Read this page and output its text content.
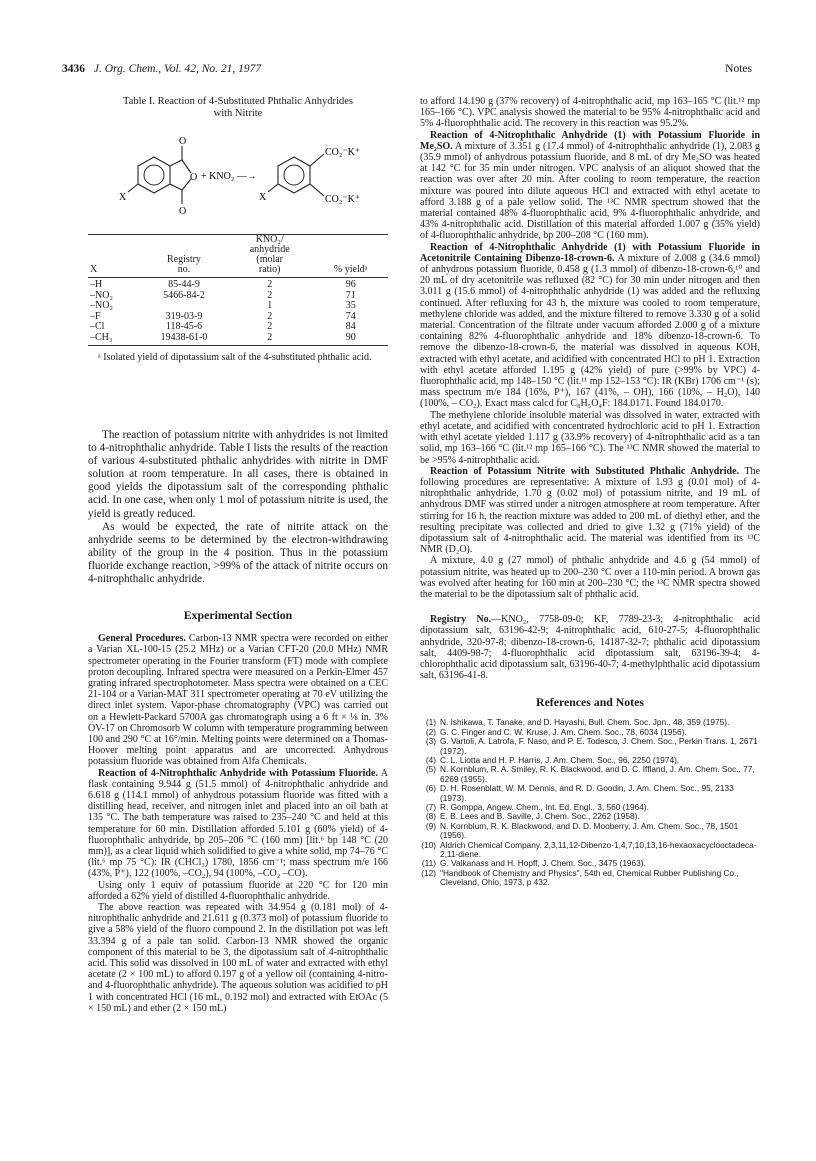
3436 J. Org. Chem., Vol. 42, No. 21, 1977	Notes
Table I. Reaction of 4-Substituted Phthalic Anhydrides
with Nitrite
O
O
O
X
+ KNO₂ —→
CO₂⁻K⁺
CO₂⁻K⁺
X
		KNO₂/	
		anhydride	
	Registry	(molar	
X	no.	ratio)	% yieldᵃ
–H	85-44-9	2	96
–NO₂	5466-84-2	2	71
–NO₂		1	35
–F	319-03-9	2	74
–Cl	118-45-6	2	84
–CH₃	19438-61-0	2	90
ᵃ Isolated yield of dipotassium salt of the 4-substituted phthalic acid.

The reaction of potassium nitrite with anhydrides is not limited to 4-nitrophthalic anhydride. Table I lists the results of the reaction of various 4-substituted phthalic anhydrides with nitrite in DMF solution at room temperature. In all cases, there is obtained in good yields the dipotassium salt of the corresponding phthalic acid. In one case, when only 1 mol of potassium nitrite is used, the yield is greatly reduced.

As would be expected, the rate of nitrite attack on the anhydride seems to be determined by the electron-withdrawing ability of the group in the 4 position. Thus in the potassium fluoride exchange reaction, >99% of the attack of nitrite occurs on 4-nitrophthalic anhydride.

Experimental Section

General Procedures. Carbon-13 NMR spectra were recorded on either a Varian XL-100-15 (25.2 MHz) or a Varian CFT-20 (20.0 MHz) NMR spectrometer operating in the Fourier transform (FT) mode with complete proton decoupling. Infrared spectra were measured on a Perkin-Elmer 457 grating infrared spectrophotometer. Mass spectra were obtained on a CEC 21-104 or a Varian-MAT 311 spectrometer operating at 70 eV utilizing the direct inlet system. Vapor-phase chromatography (VPC) was carried out on a Hewlett-Packard 5700A gas chromatograph using a 6 ft × ⅛ in. 3% OV-17 on Chromosorb W column with temperature programming between 100 and 290 °C at 16°/min. Melting points were determined on a Thomas-Hoover melting point apparatus and are uncorrected. Anhydrous potassium fluoride was obtained from Alfa Chemicals.

Reaction of 4-Nitrophthalic Anhydride with Potassium Fluoride. A flask containing 9.944 g (51.5 mmol) of 4-nitrophthalic anhydride and 6.618 g (114.1 mmol) of anhydrous potassium fluoride was fitted with a distilling head, receiver, and nitrogen inlet and placed into an oil bath at 135 °C. The bath temperature was raised to 235–240 °C and held at this temperature for 60 min. Distillation afforded 5.101 g (60% yield) of 4-fluorophthalic anhydride, bp 205–206 °C (160 mm) [lit.⁶ bp 148 °C (20 mm)], as a clear liquid which solidified to give a white solid, mp 74–76 °C (lit.⁶ mp 75 °C): IR (CHCl₃) 1780, 1856 cm⁻¹; mass spectrum m/e 166 (43%, P⁺), 122 (100%, –CO₂), 94 (100%, –CO₂ –CO).

Using only 1 equiv of potassium fluoride at 220 °C for 120 min afforded a 62% yield of distilled 4-fluorophthalic anhydride.

The above reaction was repeated with 34.954 g (0.181 mol) of 4-nitrophthalic anhydride and 21.611 g (0.373 mol) of potassium fluoride to give a 58% yield of the fluoro compound 2. In the distillation pot was left 33.394 g of a pale tan solid. Carbon-13 NMR showed the organic component of this material to be 3, the dipotassium salt of 4-nitrophthalic acid. This solid was dissolved in 100 mL of water and extracted with ethyl acetate (2 × 100 mL) to afford 0.197 g of a yellow oil (containing 4-nitro- and 4-fluorophthalic anhydride). The aqueous solution was acidified to pH 1 with concentrated HCl (16 mL, 0.192 mol) and extracted with EtOAc (5 × 150 mL) and ether (2 × 150 mL)

to afford 14.190 g (37% recovery) of 4-nitrophthalic acid, mp 163–165 °C (lit.¹² mp 165–166 °C). VPC analysis showed the material to be 95% 4-nitrophthalic acid and 5% 4-fluorophthalic acid. The recovery in this reaction was 95.2%.

Reaction of 4-Nitrophthalic Anhydride (1) with Potassium Fluoride in Me₂SO. A mixture of 3.351 g (17.4 mmol) of 4-nitrophthalic anhydride (1), 2.083 g (35.9 mmol) of anhydrous potassium fluoride, and 8 mL of dry Me₂SO was heated at 142 °C for 35 min under nitrogen. VPC analysis of an aliquot showed that the reaction was over after 20 min. After cooling to room temperature, the reaction mixture was poured into dilute aqueous HCl and extracted with ethyl acetate to afford 3.188 g of a pale yellow solid. The ¹³C NMR spectrum showed that the material contained 48% 4-fluorophthalic acid, 9% 4-fluorophthalic anhydride, and 43% 4-nitrophthalic acid. Distillation of this material afforded 1.007 g (35% yield) of 4-fluorophthalic anhydride, bp 200–208 °C (160 mm).

Reaction of 4-Nitrophthalic Anhydride (1) with Potassium Fluoride in Acetonitrile Containing Dibenzo-18-crown-6. A mixture of 2.008 g (34.6 mmol) of anhydrous potassium fluoride, 0.458 g (1.3 mmol) of dibenzo-18-crown-6,¹⁰ and 20 mL of dry acetonitrile was refluxed (82 °C) for 30 min under nitrogen and then 3.011 g (15.6 mmol) of 4-nitrophthalic anhydride (1) was added and the refluxing continued. After refluxing for 43 h, the mixture was cooled to room temperature, methylene chloride was added, and the mixture filtered to remove 3.330 g of a solid material. Concentration of the filtrate under vacuum afforded 2.000 g of a mixture containing 82% 4-fluorophthalic anhydride and 18% dibenzo-18-crown-6. To remove the dibenzo-18-crown-6, the material was dissolved in aqueous KOH, extracted with ethyl acetate, and acidified with concentrated HCl to pH 1. Extraction with ethyl acetate afforded 1.195 g (42% yield) of pure (>99% by VPC) 4-fluorophthalic acid, mp 148–150 °C (lit.¹¹ mp 152–153 °C): IR (KBr) 1706 cm⁻¹ (s); mass spectrum m/e 184 (16%, P⁺), 167 (41%, – OH), 166 (10%, – H₂O), 140 (100%, – CO₂). Exact mass calcd for C₈H₅O₄F: 184.0171. Found 184.0170.

The methylene chloride insoluble material was dissolved in water, extracted with ethyl acetate, and acidified with concentrated hydrochloric acid to pH 1. Extraction with ethyl acetate yielded 1.117 g (33.9% recovery) of 4-nitrophthalic acid as a tan solid, mp 163–166 °C (lit.¹² mp 165–166 °C). The ¹³C NMR showed the material to be >95% 4-nitrophthalic acid.

Reaction of Potassium Nitrite with Substituted Phthalic Anhydride. The following procedures are representative: A mixture of 1.93 g (0.01 mol) of 4-nitrophthalic anhydride, 1.70 g (0.02 mol) of potassium nitrite, and 19 mL of anhydrous DMF was stirred under a nitrogen atmosphere at room temperature. After stirring for 16 h, the reaction mixture was added to 200 mL of diethyl ether, and the resulting precipitate was collected and dried to give 1.32 g (71% yield) of the dipotassium salt of 4-nitrophthalic acid. The material was identified from its ¹³C NMR (D₂O).

A mixture, 4.0 g (27 mmol) of phthalic anhydride and 4.6 g (54 mmol) of potassium nitrite, was heated up to 200–230 °C over a 110-min period. A brown gas was evolved after heating for 160 min at 200–230 °C; the ¹³C NMR spectra showed the material to be the dipotassium salt of phthalic acid.

Registry No.—KNO₂, 7758-09-0; KF, 7789-23-3; 4-nitrophthalic acid dipotassium salt, 63196-42-9; 4-nitrophthalic acid, 610-27-5; 4-fluorophthalic anhydride, 320-97-8; dibenzo-18-crown-6, 14187-32-7; phthalic acid dipotassium salt, 4409-98-7; 4-fluorophthalic acid dipotassium salt, 63196-39-4; 4-chlorophthalic acid dipotassium salt, 63196-40-7; 4-methylphthalic acid dipotassium salt, 63196-41-8.

References and Notes
(1) N. Ishikawa, T. Tanake, and D. Hayashi, Bull. Chem. Soc. Jpn., 48, 359 (1975).
(2) G. C. Finger and C. W. Kruse, J. Am. Chem. Soc., 78, 6034 (1956).
(3) G. Vartoli, A. Latrofa, F. Naso, and P. E. Todesco, J. Chem. Soc., Perkin Trans. 1, 2671 (1972).
(4) C. L. Liotta and H. P. Harris, J. Am. Chem. Soc., 96, 2250 (1974).
(5) N. Kornblum, R. A. Smiley, R. K. Blackwood, and D. C. Iffland, J. Am. Chem. Soc., 77, 6269 (1955).
(6) D. H. Rosenblatt, W. M. Dennis, and R. D. Goodin, J. Am. Chem. Soc., 95, 2133 (1973).
(7) R. Gomppa, Angew. Chem., Int. Ed. Engl., 3, 560 (1964).
(8) E. B. Lees and B. Saville, J. Chem. Soc., 2262 (1958).
(9) N. Kornblum, R. K. Blackwood, and D. D. Mooberry, J. Am. Chem. Soc., 78, 1501 (1956).
(10) Aldrich Chemical Company. 2,3,11,12-Dibenzo-1,4,7,10,13,16-hexaoxacyclooctadeca-2,11-diene.
(11) G. Valkanass and H. Hopff, J. Chem. Soc., 3475 (1963).
(12) "Handbook of Chemistry and Physics", 54th ed, Chemical Rubber Publishing Co., Cleveland, Ohio, 1973, p 432.
